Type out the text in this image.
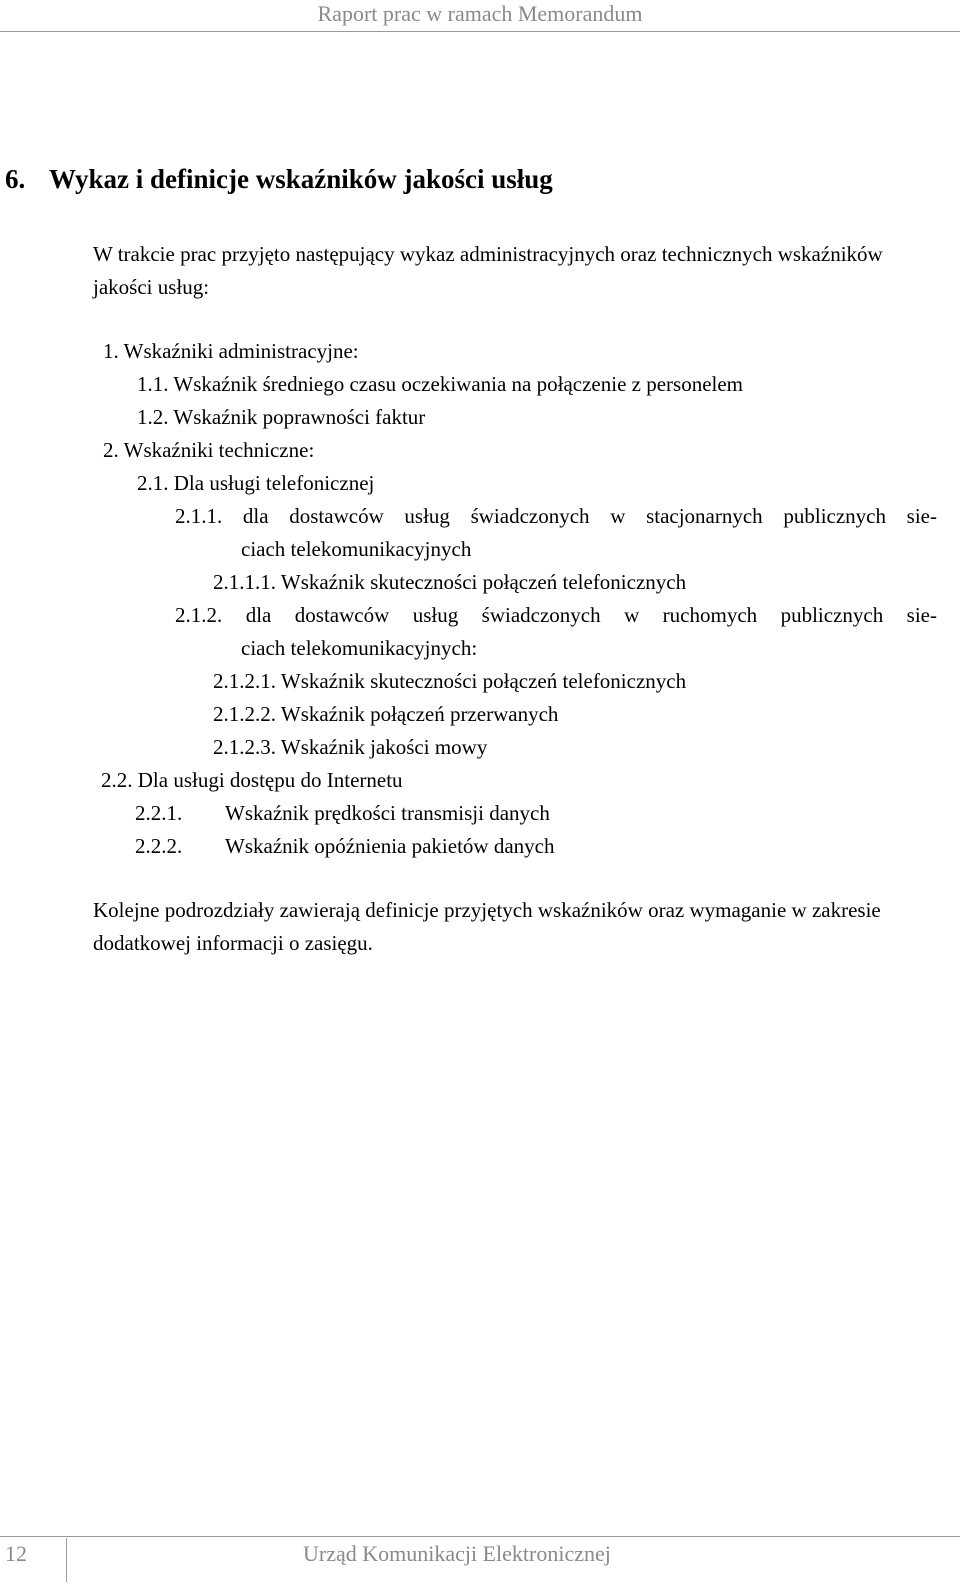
Raport prac w ramach Memorandum
6. Wykaz i definicje wskaźników jakości usług
W trakcie prac przyjęto następujący wykaz administracyjnych oraz technicznych wskaźników jakości usług:
1. Wskaźniki administracyjne:
1.1. Wskaźnik średniego czasu oczekiwania na połączenie z personelem
1.2. Wskaźnik poprawności faktur
2. Wskaźniki techniczne:
2.1. Dla usługi telefonicznej
2.1.1. dla dostawców usług świadczonych w stacjonarnych publicznych sie-
ciach telekomunikacyjnych
2.1.1.1. Wskaźnik skuteczności połączeń telefonicznych
2.1.2. dla dostawców usług świadczonych w ruchomych publicznych sie-
ciach telekomunikacyjnych:
2.1.2.1. Wskaźnik skuteczności połączeń telefonicznych
2.1.2.2. Wskaźnik połączeń przerwanych
2.1.2.3. Wskaźnik jakości mowy
2.2. Dla usługi dostępu do Internetu
2.2.1. Wskaźnik prędkości transmisji danych
2.2.2. Wskaźnik opóźnienia pakietów danych
Kolejne podrozdziały zawierają definicje przyjętych wskaźników oraz wymaganie w zakresie dodatkowej informacji o zasięgu.
12	Urząd Komunikacji Elektronicznej
